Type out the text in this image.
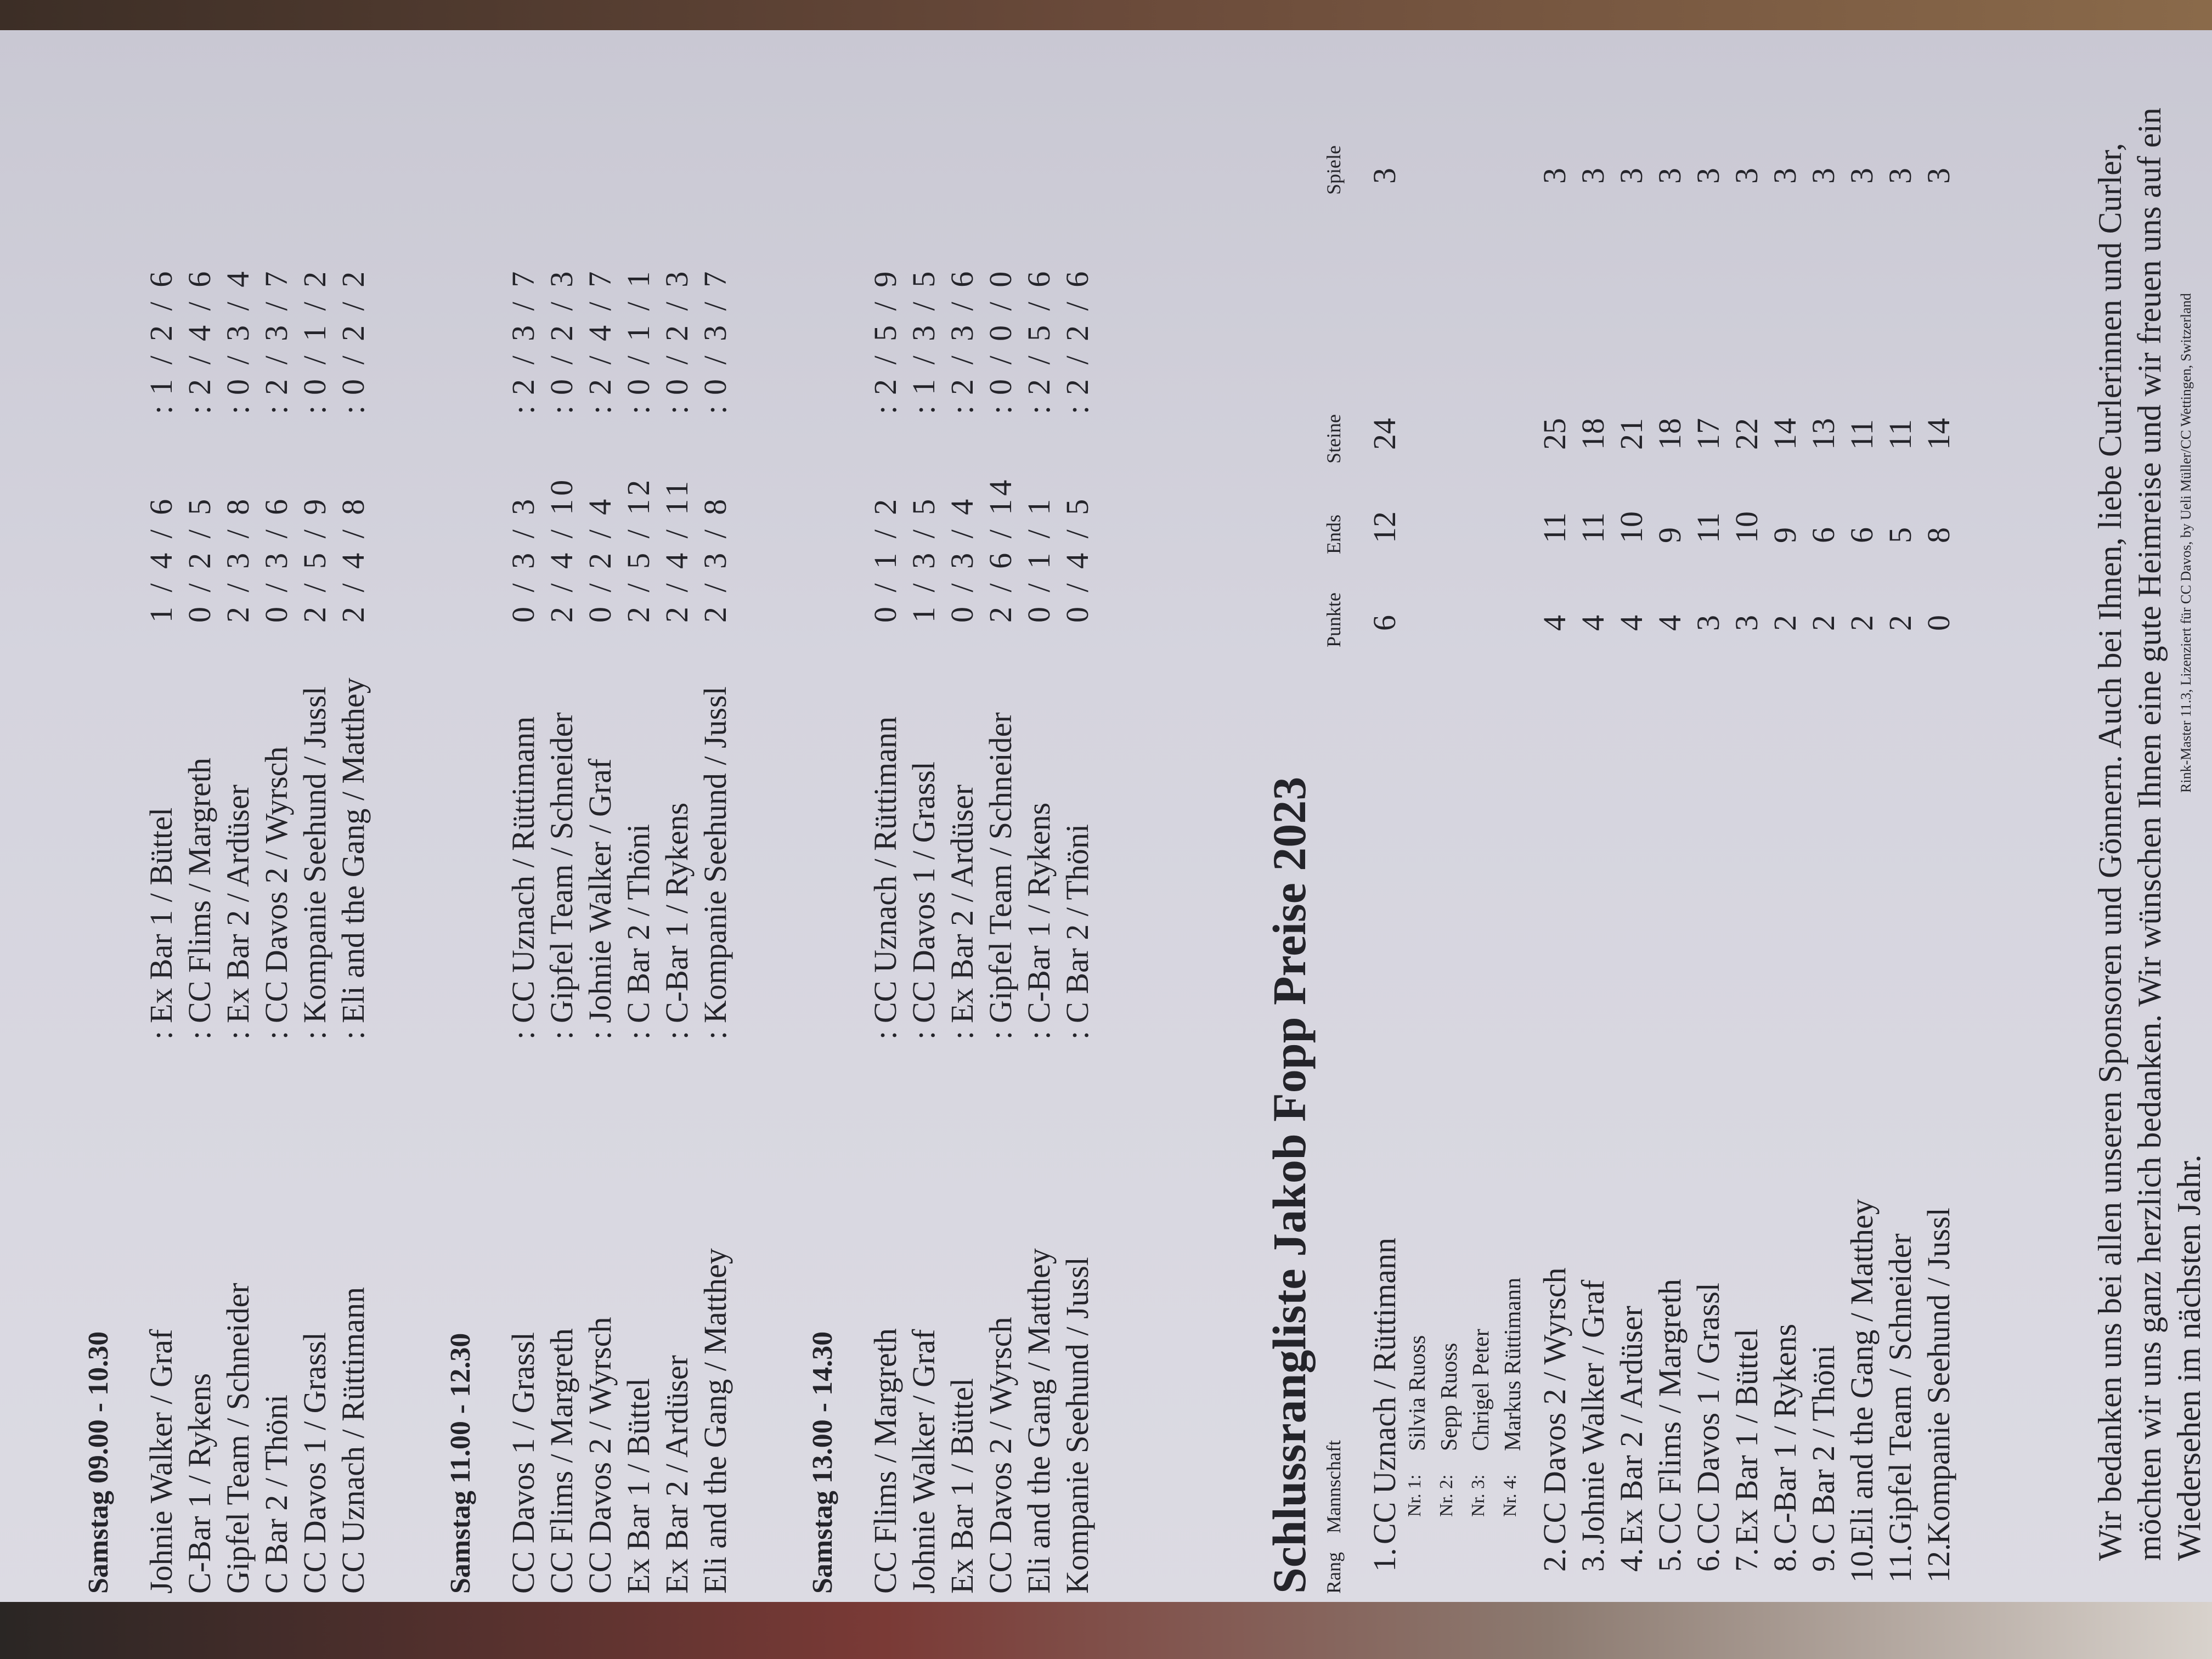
Samstag 09.00 - 10.30 Johnie Walker / Graf
:
Ex Bar 1 / Büttel
1 / 4 / 6
:
1 / 2 / 6
C-Bar 1 / Rykens
:
CC Flims / Margreth
0 / 2 / 5
:
2 / 4 / 6
Gipfel Team / Schneider
:
Ex Bar 2 / Ardüser
2 / 3 / 8
:
0 / 3 / 4
C Bar 2 / Thöni
:
CC Davos 2 / Wyrsch
0 / 3 / 6
:
2 / 3 / 7
CC Davos 1 / Grassl
:
Kompanie Seehund / Jussl
2 / 5 / 9
:
0 / 1 / 2
CC Uznach / Rüttimann
:
Eli and the Gang / Matthey
2 / 4 / 8
:
0 / 2 / 2
Samstag 11.00 - 12.30 CC Davos 1 / Grassl
:
CC Uznach / Rüttimann
0 / 3 / 3
:
2 / 3 / 7
CC Flims / Margreth
:
Gipfel Team / Schneider
2 / 4 / 10
:
0 / 2 / 3
CC Davos 2 / Wyrsch
:
Johnie Walker / Graf
0 / 2 / 4
:
2 / 4 / 7
Ex Bar 1 / Büttel
:
C Bar 2 / Thöni
2 / 5 / 12
:
0 / 1 / 1
Ex Bar 2 / Ardüser
:
C-Bar 1 / Rykens
2 / 4 / 11
:
0 / 2 / 3
Eli and the Gang / Matthey
:
Kompanie Seehund / Jussl
2 / 3 / 8
:
0 / 3 / 7
Samstag 13.00 - 14.30 CC Flims / Margreth
:
CC Uznach / Rüttimann
0 / 1 / 2
:
2 / 5 / 9
Johnie Walker / Graf
:
CC Davos 1 / Grassl
1 / 3 / 5
:
1 / 3 / 5
Ex Bar 1 / Büttel
:
Ex Bar 2 / Ardüser
0 / 3 / 4
:
2 / 3 / 6
CC Davos 2 / Wyrsch
:
Gipfel Team / Schneider
2 / 6 / 14
:
0 / 0 / 0
Eli and the Gang / Matthey
:
C-Bar 1 / Rykens
0 / 1 / 1
:
2 / 5 / 6
Kompanie Seehund / Jussl
:
C Bar 2 / Thöni
0 / 4 / 5
:
2 / 2 / 6
Schlussrangliste Jakob Fopp Preise 2023 Rang
Mannschaft
Punkte
Ends
Steine
Spiele
1.
CC Uznach / Rüttimann
6
12
24
3
Nr. 1:
Silvia Ruoss
Nr. 2:
Sepp Ruoss
Nr. 3:
Chrigel Peter
Nr. 4:
Markus Rüttimann
2.
CC Davos 2 / Wyrsch
4
11
25
3
3.
Johnie Walker / Graf
4
11
18
3
4.
Ex Bar 2 / Ardüser
4
10
21
3
5.
CC Flims / Margreth
4
9
18
3
6.
CC Davos 1 / Grassl
3
11
17
3
7.
Ex Bar 1 / Büttel
3
10
22
3
8.
C-Bar 1 / Rykens
2
9
14
3
9.
C Bar 2 / Thöni
2
6
13
3
10.
Eli and the Gang / Matthey
2
6
11
3
11.
Gipfel Team / Schneider
2
5
11
3
12.
Kompanie Seehund / Jussl
0
8
14
3	Wir bedanken uns bei allen unseren Sponsoren und Gönnern. Auch bei Ihnen, liebe Curlerinnen und Curler, möchten wir uns ganz herzlich bedanken. Wir wünschen Ihnen eine gute Heimreise und wir freuen uns auf ein Wiedersehen im nächsten Jahr.
Rink-Master 11.3, Lizenziert für CC Davos, by Ueli Müller/CC Wettingen, Switzerland
